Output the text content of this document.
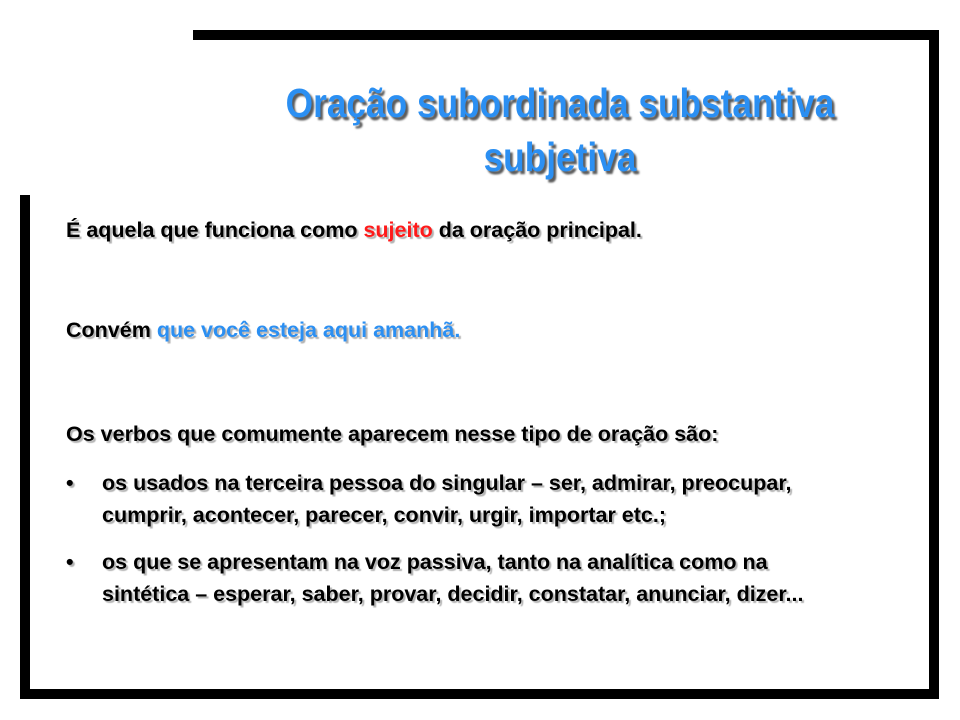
Oração subordinada substantiva
subjetiva
É aquela que funciona como sujeito da oração principal.
Convém que você esteja aqui amanhã.
Os verbos que comumente aparecem nesse tipo de oração são:
• os usados na terceira pessoa do singular – ser, admirar, preocupar,
cumprir, acontecer, parecer, convir, urgir, importar etc.;
• os que se apresentam na voz passiva, tanto na analítica como na
sintética – esperar, saber, provar, decidir, constatar, anunciar, dizer...
